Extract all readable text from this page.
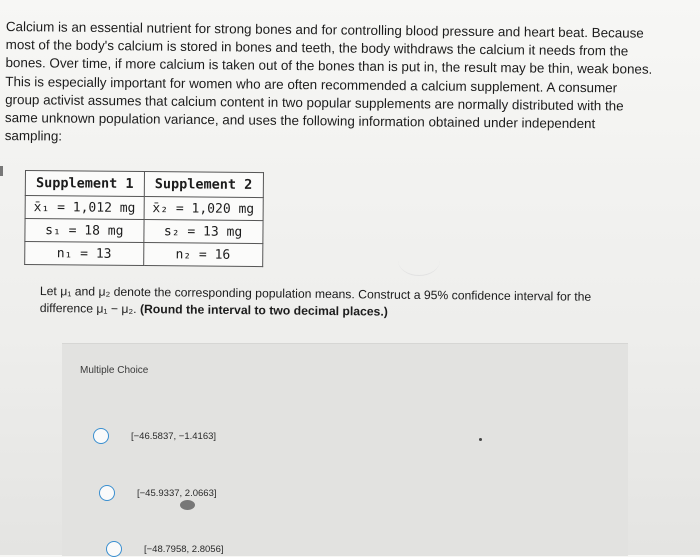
Calcium is an essential nutrient for strong bones and for controlling blood pressure and heart beat. Because
most of the body's calcium is stored in bones and teeth, the body withdraws the calcium it needs from the
bones. Over time, if more calcium is taken out of the bones than is put in, the result may be thin, weak bones.
This is especially important for women who are often recommended a calcium supplement. A consumer
group activist assumes that calcium content in two popular supplements are normally distributed with the
same unknown population variance, and uses the following information obtained under independent
sampling:
Supplement 1	Supplement 2
x̄₁ = 1,012 mg	x̄₂ = 1,020 mg
s₁ = 18 mg	s₂ = 13 mg
n₁ = 13	n₂ = 16
Let μ₁ and μ₂ denote the corresponding population means. Construct a 95% confidence interval for the
difference μ₁ − μ₂. (Round the interval to two decimal places.)
Multiple Choice
[−46.5837, −1.4163]
[−45.9337, 2.0663]
[−48.7958, 2.8056]
